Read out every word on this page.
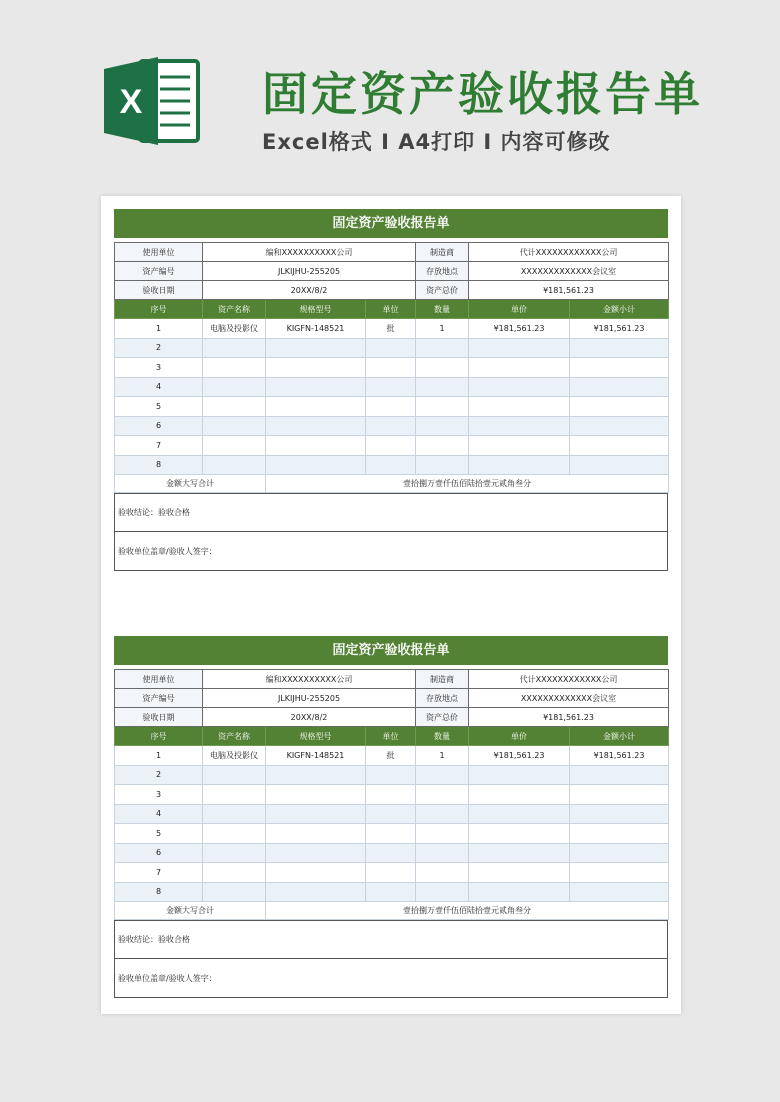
X	固定资产验收报告单
Excel格式 I A4打印 I 内容可修改
固定资产验收报告单
使用单位	编和XXXXXXXXXX公司			制造商	代计XXXXXXXXXXXX公司	
资产编号	JLKIJHU-255205			存放地点	XXXXXXXXXXXXX会议室	
验收日期	20XX/8/2			资产总价	¥181,561.23	
序号	资产名称	规格型号	单位	数量	单价	金额小计
1	电脑及投影仪	KIGFN-148521	批	1	¥181,561.23	¥181,561.23
2						
3						
4						
5						
6						
7						
8						
金额大写合计		壹拾捌万壹仟伍佰陆拾壹元贰角叁分				
验收结论：验收合格
验收单位盖章/验收人签字：
固定资产验收报告单
使用单位	编和XXXXXXXXXX公司			制造商	代计XXXXXXXXXXXX公司	
资产编号	JLKIJHU-255205			存放地点	XXXXXXXXXXXXX会议室	
验收日期	20XX/8/2			资产总价	¥181,561.23	
序号	资产名称	规格型号	单位	数量	单价	金额小计
1	电脑及投影仪	KIGFN-148521	批	1	¥181,561.23	¥181,561.23
2						
3						
4						
5						
6						
7						
8						
金额大写合计		壹拾捌万壹仟伍佰陆拾壹元贰角叁分				
验收结论：验收合格
验收单位盖章/验收人签字：
